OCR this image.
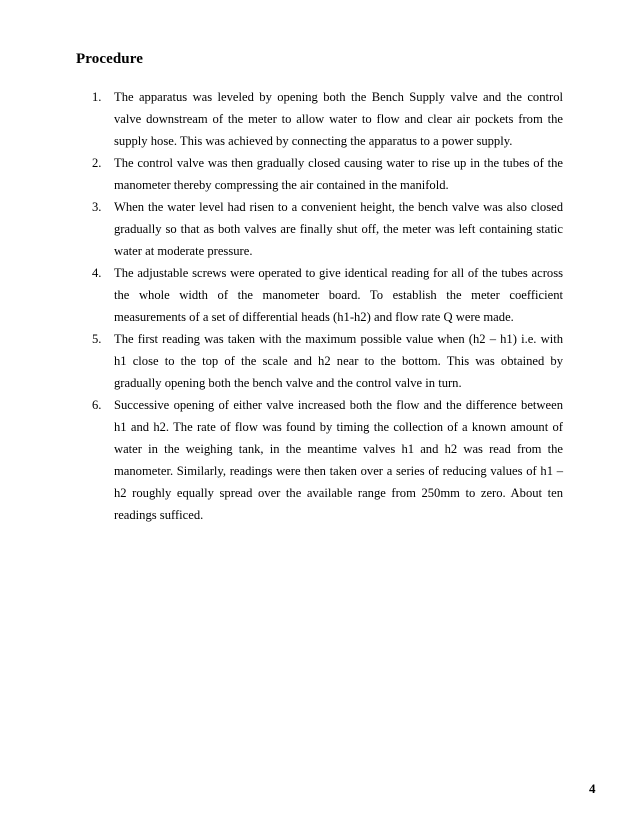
Procedure
1. The apparatus was leveled by opening both the Bench Supply valve and the control valve downstream of the meter to allow water to flow and clear air pockets from the supply hose. This was achieved by connecting the apparatus to a power supply.
2. The control valve was then gradually closed causing water to rise up in the tubes of the manometer thereby compressing the air contained in the manifold.
3. When the water level had risen to a convenient height, the bench valve was also closed gradually so that as both valves are finally shut off, the meter was left containing static water at moderate pressure.
4. The adjustable screws were operated to give identical reading for all of the tubes across the whole width of the manometer board. To establish the meter coefficient measurements of a set of differential heads (h1-h2) and flow rate Q were made.
5. The first reading was taken with the maximum possible value when (h2 – h1) i.e. with h1 close to the top of the scale and h2 near to the bottom. This was obtained by gradually opening both the bench valve and the control valve in turn.
6. Successive opening of either valve increased both the flow and the difference between h1 and h2. The rate of flow was found by timing the collection of a known amount of water in the weighing tank, in the meantime valves h1 and h2 was read from the manometer. Similarly, readings were then taken over a series of reducing values of h1 – h2 roughly equally spread over the available range from 250mm to zero. About ten readings sufficed.
4
